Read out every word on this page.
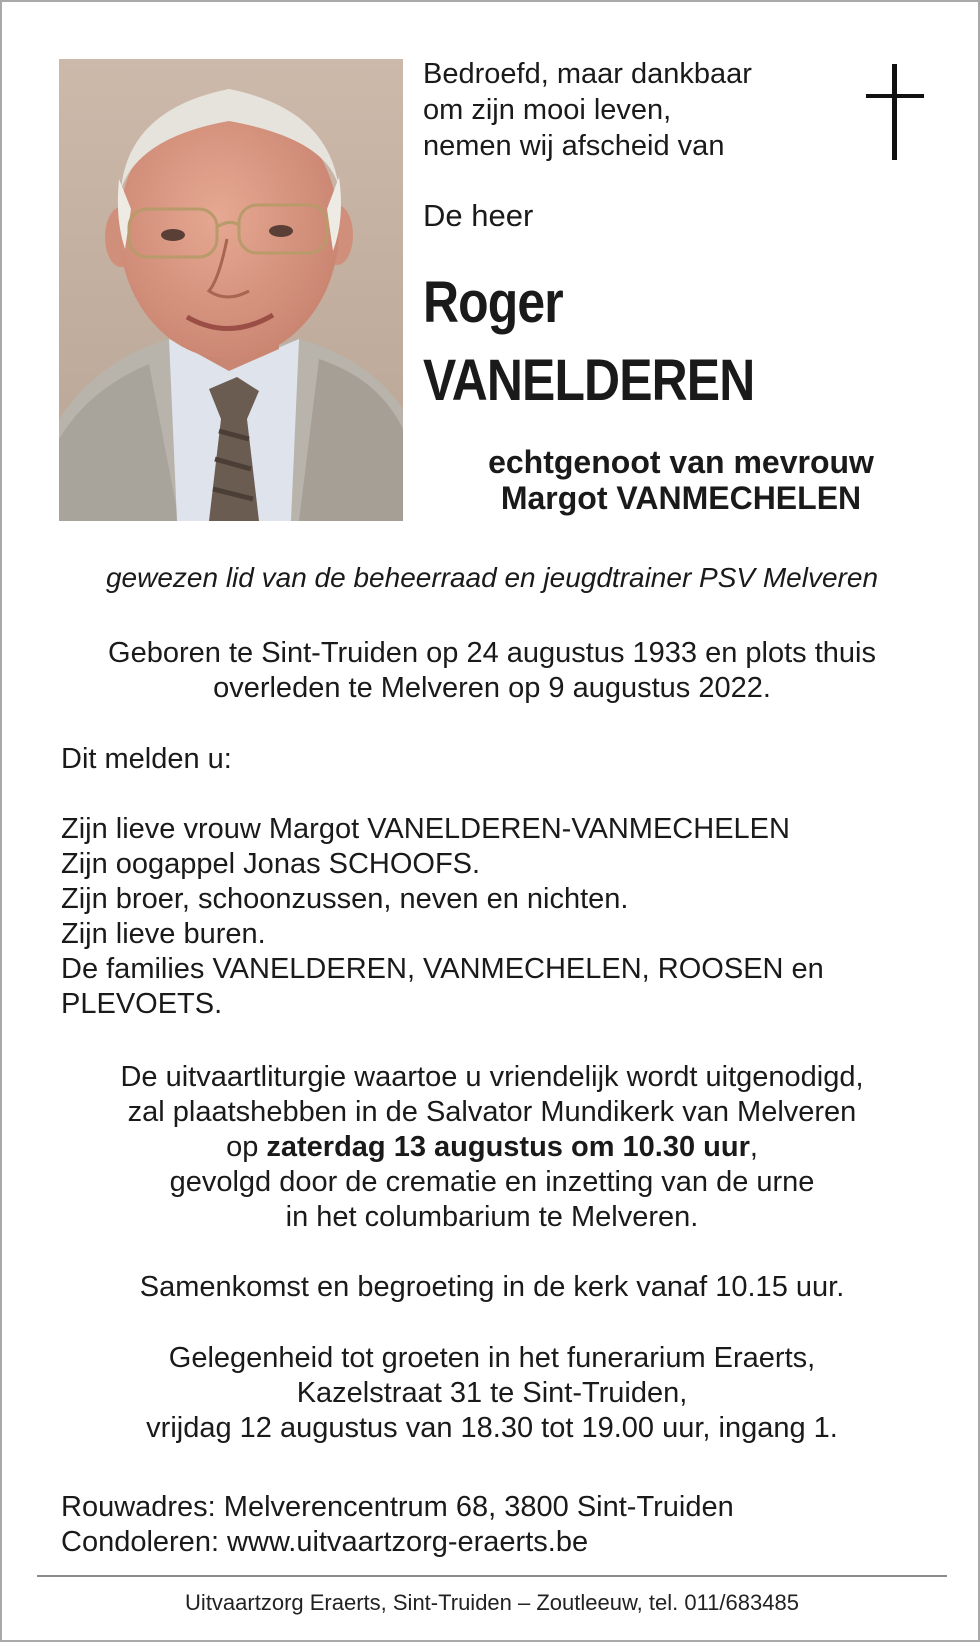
Bedroefd, maar dankbaar
om zijn mooi leven,
nemen wij afscheid van
De heer
Roger
VANELDEREN
echtgenoot van mevrouw
Margot VANMECHELEN
gewezen lid van de beheerraad en jeugdtrainer PSV Melveren
Geboren te Sint-Truiden op 24 augustus 1933 en plots thuis
overleden te Melveren op 9 augustus 2022.
Dit melden u:
Zijn lieve vrouw Margot VANELDEREN-VANMECHELEN
Zijn oogappel Jonas SCHOOFS.
Zijn broer, schoonzussen, neven en nichten.
Zijn lieve buren.
De families VANELDEREN, VANMECHELEN, ROOSEN en
PLEVOETS.
De uitvaartliturgie waartoe u vriendelijk wordt uitgenodigd,
zal plaatshebben in de Salvator Mundikerk van Melveren
op zaterdag 13 augustus om 10.30 uur,
gevolgd door de crematie en inzetting van de urne
in het columbarium te Melveren.
Samenkomst en begroeting in de kerk vanaf 10.15 uur.
Gelegenheid tot groeten in het funerarium Eraerts,
Kazelstraat 31 te Sint-Truiden,
vrijdag 12 augustus van 18.30 tot 19.00 uur, ingang 1.
Rouwadres: Melverencentrum 68, 3800 Sint-Truiden
Condoleren: www.uitvaartzorg-eraerts.be
Uitvaartzorg Eraerts, Sint-Truiden – Zoutleeuw, tel. 011/683485
